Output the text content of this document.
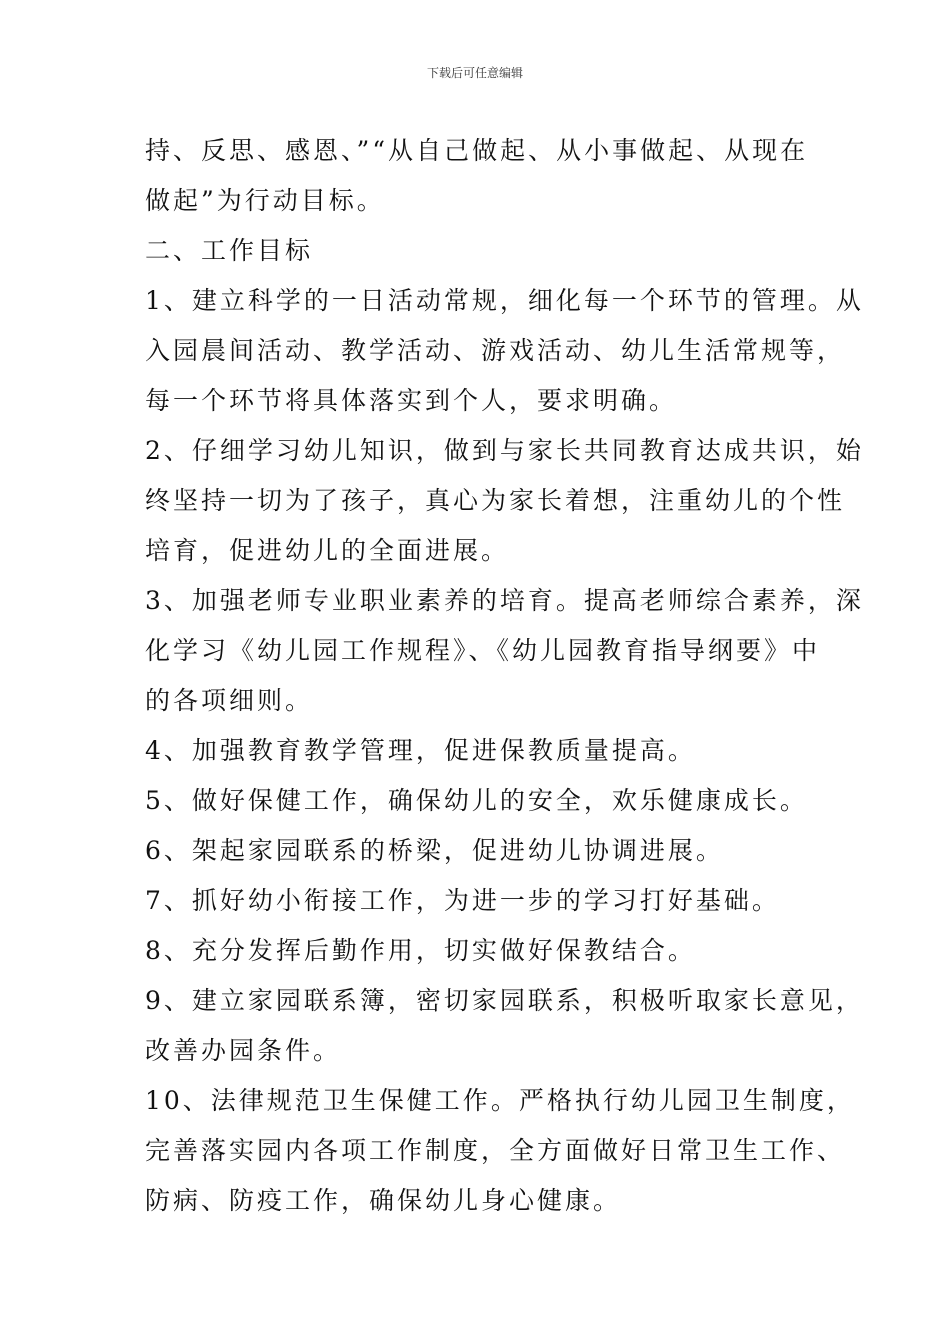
下载后可任意编辑
持、反思、感恩、”“从自己做起、从小事做起、从现在
做起”为行动目标。
二、工作目标
1、建立科学的一日活动常规，细化每一个环节的管理。从
入园晨间活动、教学活动、游戏活动、幼儿生活常规等，
每一个环节将具体落实到个人，要求明确。
2、仔细学习幼儿知识，做到与家长共同教育达成共识，始
终坚持一切为了孩子，真心为家长着想，注重幼儿的个性
培育，促进幼儿的全面进展。
3、加强老师专业职业素养的培育。提高老师综合素养，深
化学习《幼儿园工作规程》、《幼儿园教育指导纲要》中
的各项细则。
4、加强教育教学管理，促进保教质量提高。
5、做好保健工作，确保幼儿的安全，欢乐健康成长。
6、架起家园联系的桥梁，促进幼儿协调进展。
7、抓好幼小衔接工作，为进一步的学习打好基础。
8、充分发挥后勤作用，切实做好保教结合。
9、建立家园联系簿，密切家园联系，积极听取家长意见，
改善办园条件。
10、法律规范卫生保健工作。严格执行幼儿园卫生制度，
完善落实园内各项工作制度，全方面做好日常卫生工作、
防病、防疫工作，确保幼儿身心健康。
